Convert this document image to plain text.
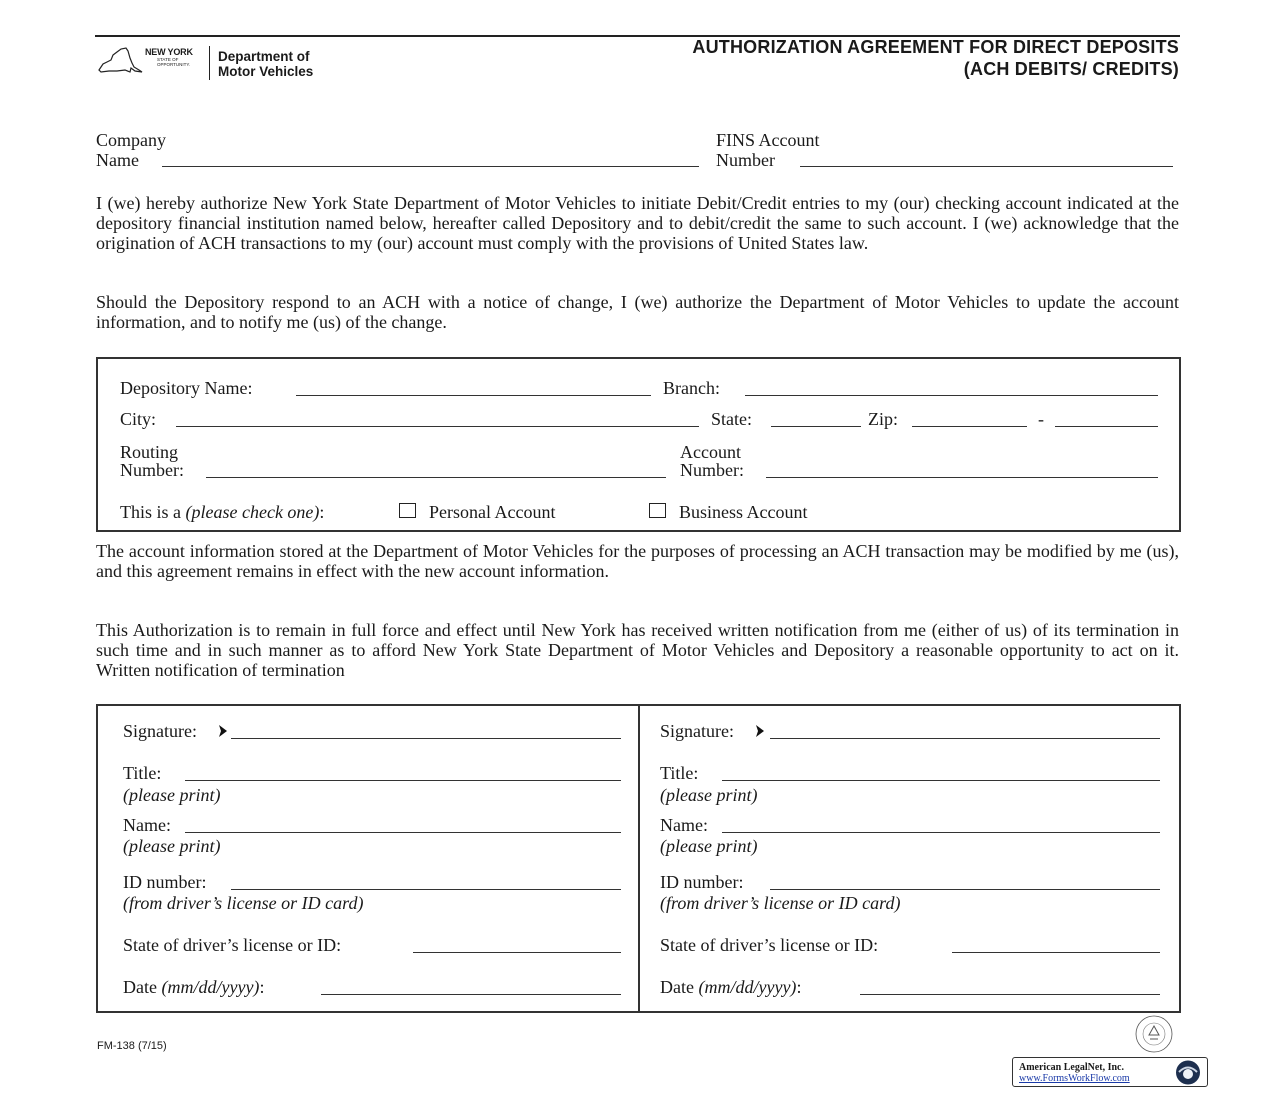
NEW YORK
STATE OF
OPPORTUNITY.
Department of
Motor Vehicles
AUTHORIZATION AGREEMENT FOR DIRECT DEPOSITS
(ACH DEBITS/ CREDITS)
Company
Name
FINS Account
Number

I (we) hereby authorize New York State Department of Motor Vehicles to initiate Debit/Credit entries to my (our) checking account indicated at the depository financial institution named below, hereafter called Depository and to debit/credit the same to such account. I (we) acknowledge that the origination of ACH transactions to my (our) account must comply with the provisions of United States law.

Should the Depository respond to an ACH with a notice of change, I (we) authorize the Department of Motor Vehicles to update the account information, and to notify me (us) of the change.

Depository Name:	Branch:
City:	State:	Zip:	-
Routing
Number:
Account
Number:
This is a (please check one):	Personal Account	Business Account

The account information stored at the Department of Motor Vehicles for the purposes of processing an ACH transaction may be modified by me (us), and this agreement remains in effect with the new account information.

This Authorization is to remain in full force and effect until New York has received written notification from me (either of us) of its termination in such time and in such manner as to afford New York State Department of Motor Vehicles and Depository a reasonable opportunity to act on it. Written notification of termination

Signature:
Title:
(please print)
Name:
(please print)
ID number:
(from driver’s license or ID card)
State of driver’s license or ID:
Date (mm/dd/yyyy):
Signature:
Title:
(please print)
Name:
(please print)
ID number:
(from driver’s license or ID card)
State of driver’s license or ID:
Date (mm/dd/yyyy):
FM-138 (7/15)
American LegalNet, Inc.
www.FormsWorkFlow.com
